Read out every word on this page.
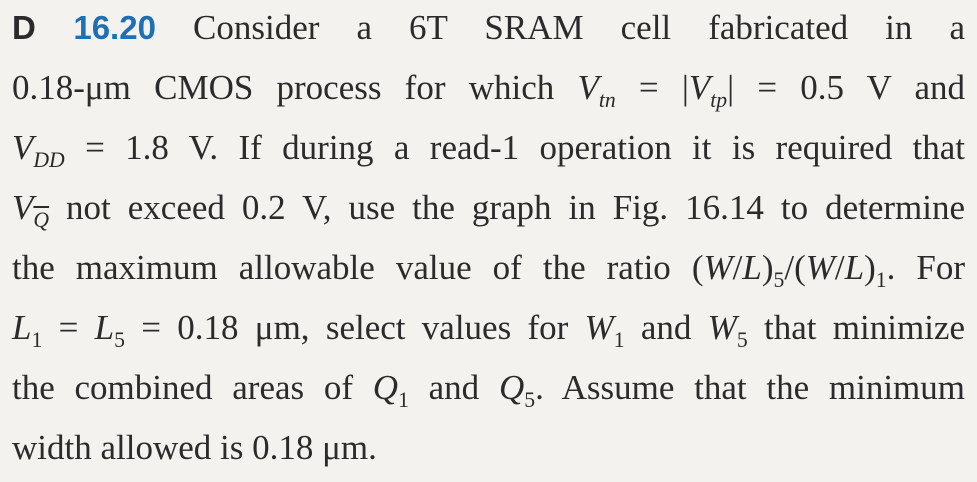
D 16.20 Consider a 6T SRAM cell fabricated in a
0.18-μm CMOS process for which $V_{tn} = |V_{tp}| = 0.5$ V and
$V_{DD} = 1.8$ V. If during a read-1 operation it is required that
$V_{\overline{Q}}$ not exceed 0.2 V, use the graph in Fig. 16.14 to determine
the maximum allowable value of the ratio $(W/L)_5/(W/L)_1$. For
$L_1 = L_5 = 0.18$ μm, select values for $W_1$ and $W_5$ that minimize
the combined areas of $Q_1$ and $Q_5$. Assume that the minimum
width allowed is 0.18 μm.
